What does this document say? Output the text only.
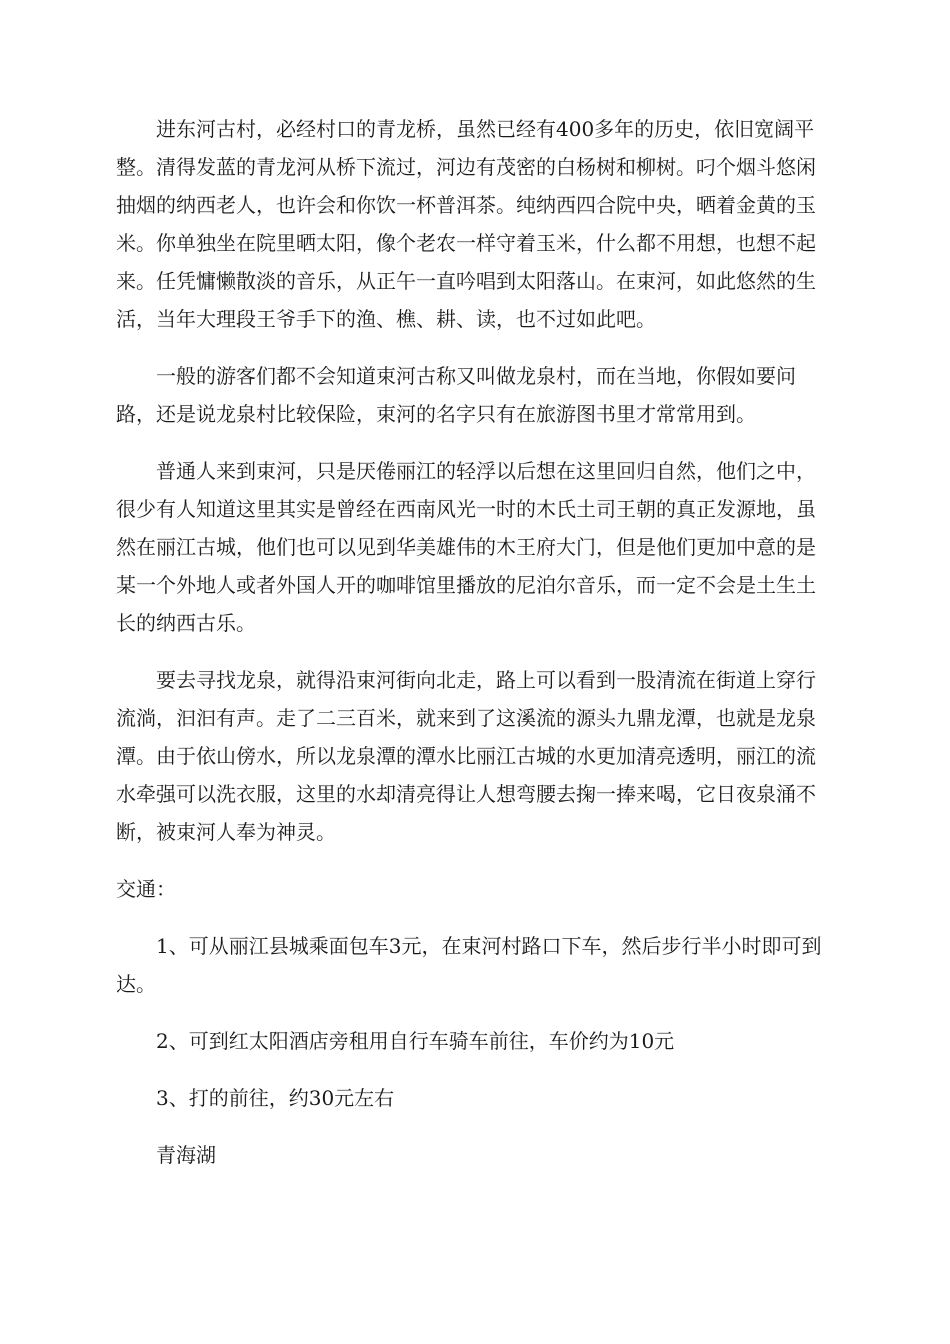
进东河古村，必经村口的青龙桥，虽然已经有400多年的历史，依旧宽阔平整。清得发蓝的青龙河从桥下流过，河边有茂密的白杨树和柳树。叼个烟斗悠闲抽烟的纳西老人，也许会和你饮一杯普洱茶。纯纳西四合院中央，晒着金黄的玉米。你单独坐在院里晒太阳，像个老农一样守着玉米，什么都不用想，也想不起来。任凭慵懒散淡的音乐，从正午一直吟唱到太阳落山。在束河，如此悠然的生活，当年大理段王爷手下的渔、樵、耕、读，也不过如此吧。

一般的游客们都不会知道束河古称又叫做龙泉村，而在当地，你假如要问路，还是说龙泉村比较保险，束河的名字只有在旅游图书里才常常用到。

普通人来到束河，只是厌倦丽江的轻浮以后想在这里回归自然，他们之中，很少有人知道这里其实是曾经在西南风光一时的木氏土司王朝的真正发源地，虽然在丽江古城，他们也可以见到华美雄伟的木王府大门，但是他们更加中意的是某一个外地人或者外国人开的咖啡馆里播放的尼泊尔音乐，而一定不会是土生土长的纳西古乐。

要去寻找龙泉，就得沿束河街向北走，路上可以看到一股清流在街道上穿行流淌，汩汩有声。走了二三百米，就来到了这溪流的源头九鼎龙潭，也就是龙泉潭。由于依山傍水，所以龙泉潭的潭水比丽江古城的水更加清亮透明，丽江的流水牵强可以洗衣服，这里的水却清亮得让人想弯腰去掬一捧来喝，它日夜泉涌不断，被束河人奉为神灵。

交通：

1、可从丽江县城乘面包车3元，在束河村路口下车，然后步行半小时即可到达。

2、可到红太阳酒店旁租用自行车骑车前往，车价约为10元

3、打的前往，约30元左右

青海湖
